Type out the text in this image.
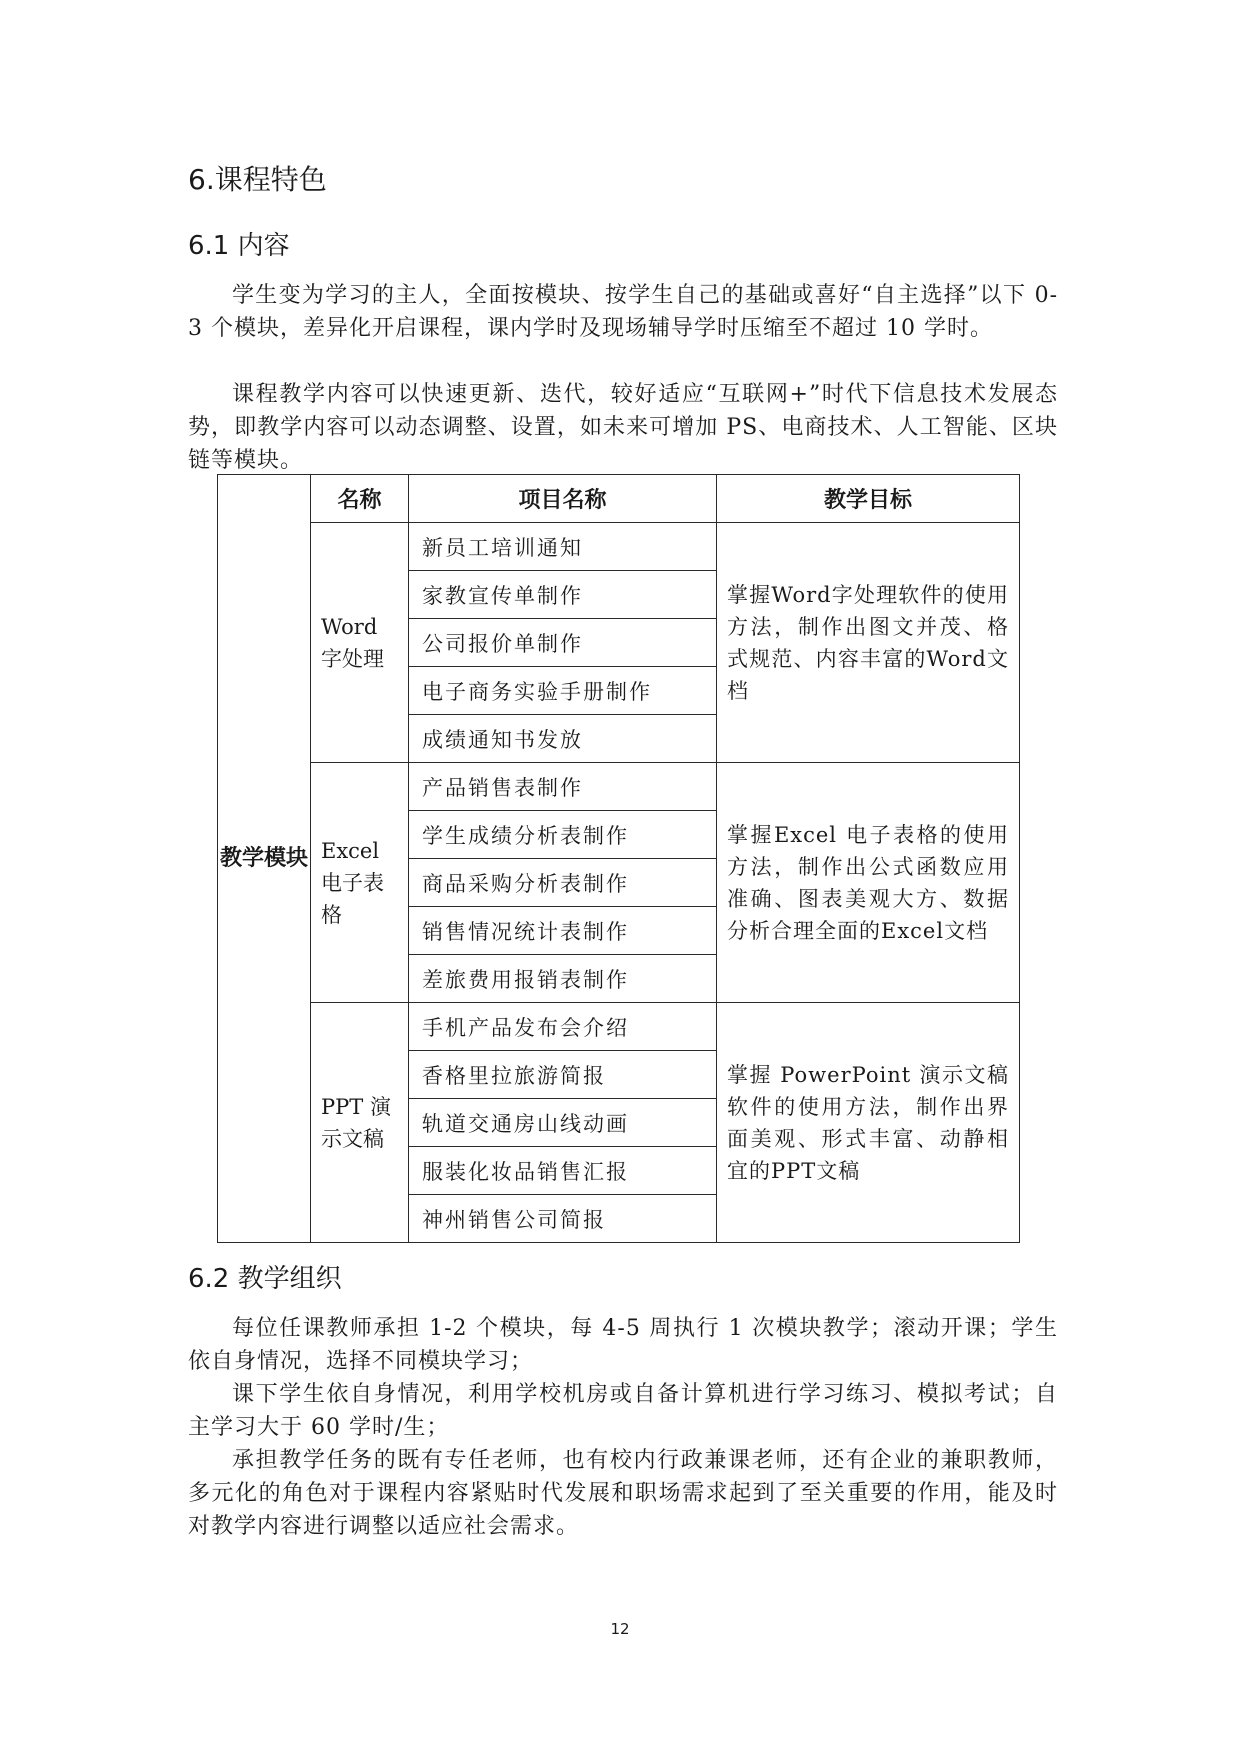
6.课程特色
6.1 内容

学生变为学习的主人，全面按模块、按学生自己的基础或喜好“自主选择”以下 0-3 个模块，差异化开启课程，课内学时及现场辅导学时压缩至不超过 10 学时。

课程教学内容可以快速更新、迭代，较好适应“互联网+”时代下信息技术发展态势，即教学内容可以动态调整、设置，如未来可增加 PS、电商技术、人工智能、区块链等模块。

教学模块	名称	项目名称	教学目标
	Word 字处理	新员工培训通知	掌握Word字处理软件的使用方法，制作出图文并茂、格式规范、内容丰富的Word文档
		家教宣传单制作	
		公司报价单制作	
		电子商务实验手册制作	
		成绩通知书发放	
	Excel 电子表格	产品销售表制作	掌握Excel 电子表格的使用方法，制作出公式函数应用准确、图表美观大方、数据分析合理全面的Excel文档
		学生成绩分析表制作	
		商品采购分析表制作	
		销售情况统计表制作	
		差旅费用报销表制作	
	PPT 演示文稿	手机产品发布会介绍	掌握 PowerPoint 演示文稿软件的使用方法，制作出界面美观、形式丰富、动静相宜的PPT文稿
		香格里拉旅游简报	
		轨道交通房山线动画	
		服装化妆品销售汇报	
		神州销售公司简报	
6.2 教学组织

每位任课教师承担 1-2 个模块，每 4-5 周执行 1 次模块教学；滚动开课；学生依自身情况，选择不同模块学习；

课下学生依自身情况，利用学校机房或自备计算机进行学习练习、模拟考试；自主学习大于 60 学时/生；

承担教学任务的既有专任老师，也有校内行政兼课老师，还有企业的兼职教师，多元化的角色对于课程内容紧贴时代发展和职场需求起到了至关重要的作用，能及时对教学内容进行调整以适应社会需求。

12
